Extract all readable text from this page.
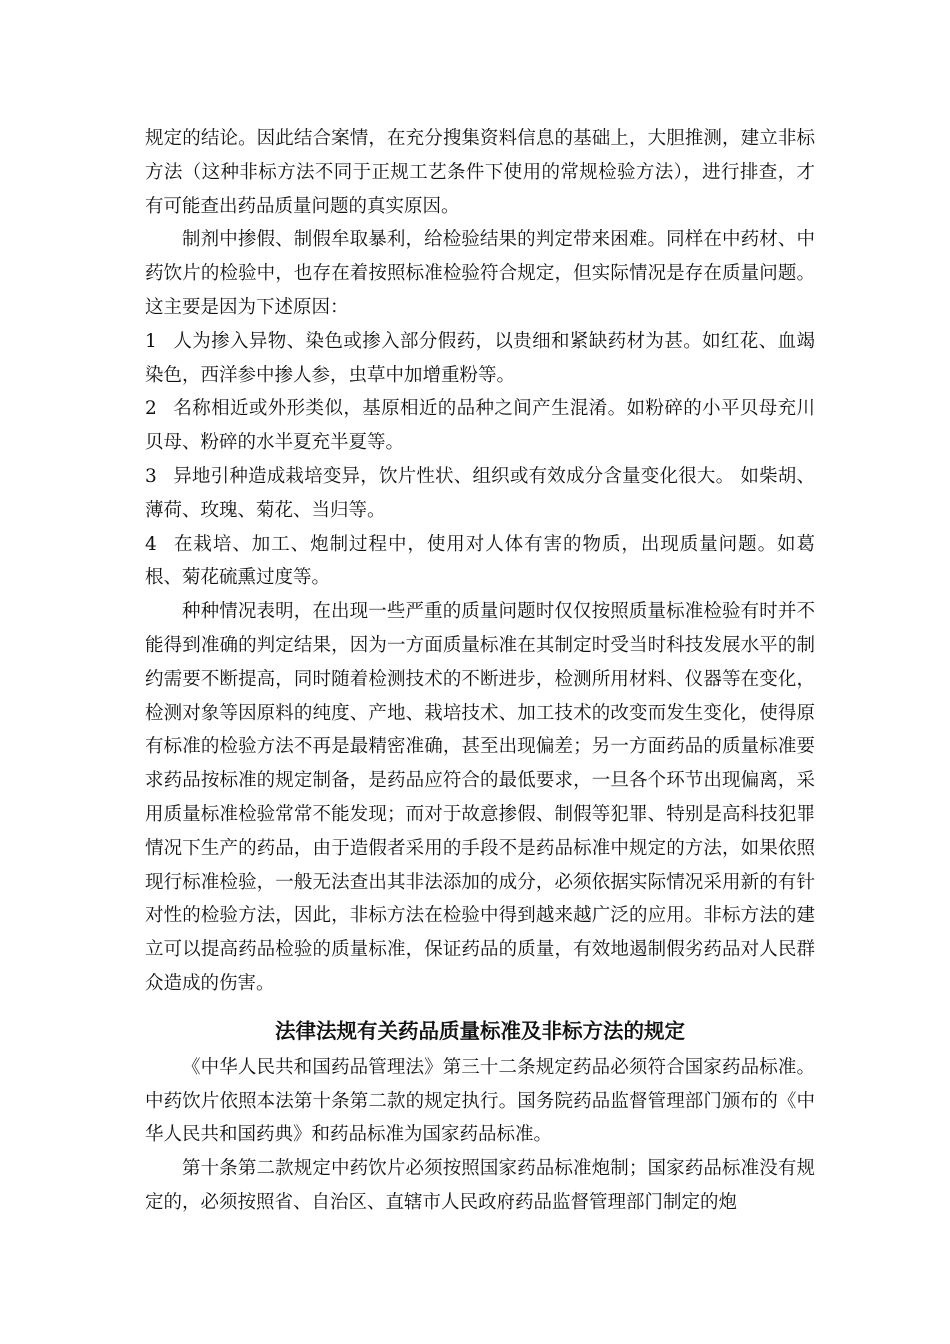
规定的结论。因此结合案情，在充分搜集资料信息的基础上，大胆推测，建立非标方法（这种非标方法不同于正规工艺条件下使用的常规检验方法），进行排查，才有可能查出药品质量问题的真实原因。

制剂中掺假、制假牟取暴利，给检验结果的判定带来困难。同样在中药材、中药饮片的检验中，也存在着按照标准检验符合规定，但实际情况是存在质量问题。这主要是因为下述原因：

1 人为掺入异物、染色或掺入部分假药，以贵细和紧缺药材为甚。如红花、血竭染色，西洋参中掺人参，虫草中加增重粉等。

2 名称相近或外形类似，基原相近的品种之间产生混淆。如粉碎的小平贝母充川贝母、粉碎的水半夏充半夏等。

3 异地引种造成栽培变异，饮片性状、组织或有效成分含量变化很大。 如柴胡、薄荷、玫瑰、菊花、当归等。

4 在栽培、加工、炮制过程中，使用对人体有害的物质，出现质量问题。如葛根、菊花硫熏过度等。

种种情况表明，在出现一些严重的质量问题时仅仅按照质量标准检验有时并不能得到准确的判定结果，因为一方面质量标准在其制定时受当时科技发展水平的制约需要不断提高，同时随着检测技术的不断进步，检测所用材料、仪器等在变化，检测对象等因原料的纯度、产地、栽培技术、加工技术的改变而发生变化，使得原有标准的检验方法不再是最精密准确，甚至出现偏差；另一方面药品的质量标准要求药品按标准的规定制备，是药品应符合的最低要求，一旦各个环节出现偏离，采用质量标准检验常常不能发现；而对于故意掺假、制假等犯罪、特别是高科技犯罪情况下生产的药品，由于造假者采用的手段不是药品标准中规定的方法，如果依照现行标准检验，一般无法查出其非法添加的成分，必须依据实际情况采用新的有针对性的检验方法，因此，非标方法在检验中得到越来越广泛的应用。非标方法的建立可以提高药品检验的质量标准，保证药品的质量，有效地遏制假劣药品对人民群众造成的伤害。

法律法规有关药品质量标准及非标方法的规定

《中华人民共和国药品管理法》第三十二条规定药品必须符合国家药品标准。中药饮片依照本法第十条第二款的规定执行。国务院药品监督管理部门颁布的《中华人民共和国药典》和药品标准为国家药品标准。

第十条第二款规定中药饮片必须按照国家药品标准炮制；国家药品标准没有规定的，必须按照省、自治区、直辖市人民政府药品监督管理部门制定的炮
